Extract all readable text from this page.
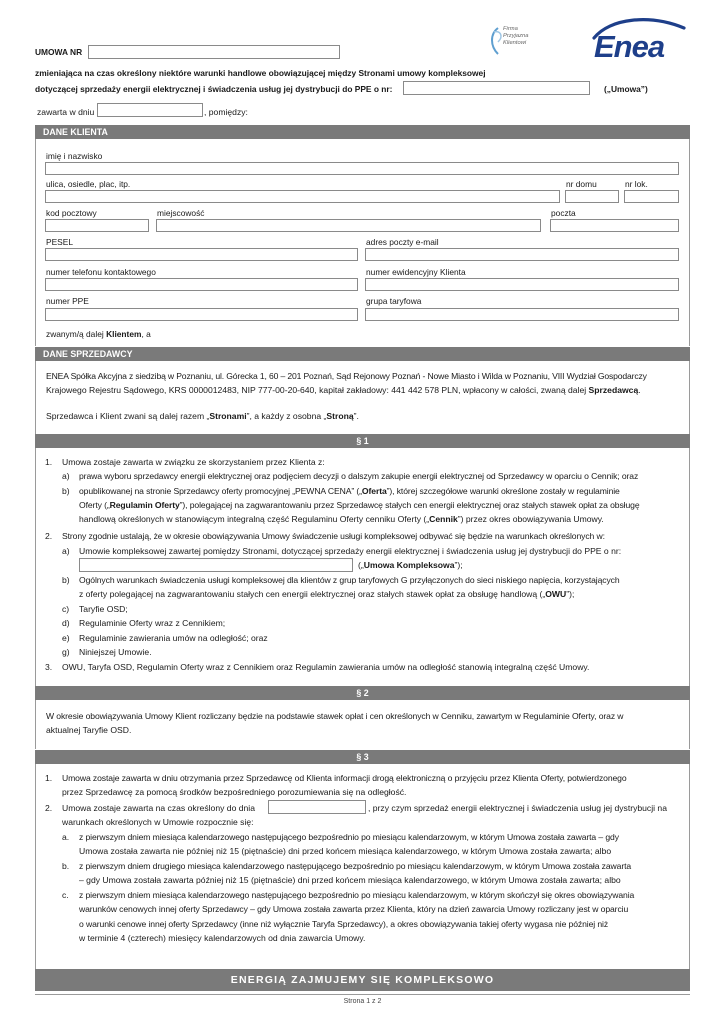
UMOWA NR
Firma
Przyjazna
Klientowi Enea
zmieniająca na czas określony niektóre warunki handlowe obowiązującej między Stronami umowy kompleksowej
dotyczącej sprzedaży energii elektrycznej i świadczenia usług jej dystrybucji do PPE o nr:	(„Umowa”)
zawarta w dniu	, pomiędzy:
DANE KLIENTA
imię i nazwisko
ulica, osiedle, plac, itp.	nr domu	nr lok.
kod pocztowy	miejscowość	poczta
PESEL	adres poczty e-mail
numer telefonu kontaktowego	numer ewidencyjny Klienta
numer PPE	grupa taryfowa
zwanym/ą dalej Klientem, a
DANE SPRZEDAWCY
ENEA Spółka Akcyjna z siedzibą w Poznaniu, ul. Górecka 1, 60 – 201 Poznań, Sąd Rejonowy Poznań - Nowe Miasto i Wilda w Poznaniu, VIII Wydział Gospodarczy
Krajowego Rejestru Sądowego, KRS 0000012483, NIP 777-00-20-640, kapitał zakładowy: 441 442 578 PLN, wpłacony w całości, zwaną dalej Sprzedawcą.
Sprzedawca i Klient zwani są dalej razem „Stronami”, a każdy z osobna „Stroną”.
§ 1
1. Umowa zostaje zawarta w związku ze skorzystaniem przez Klienta z:
a) prawa wyboru sprzedawcy energii elektrycznej oraz podjęciem decyzji o dalszym zakupie energii elektrycznej od Sprzedawcy w oparciu o Cennik; oraz
b) opublikowanej na stronie Sprzedawcy oferty promocyjnej „PEWNA CENA” („Oferta”), której szczegółowe warunki określone zostały w regulaminie
Oferty („Regulamin Oferty”), polegającej na zagwarantowaniu przez Sprzedawcę stałych cen energii elektrycznej oraz stałych stawek opłat za obsługę
handlową określonych w stanowiącym integralną część Regulaminu Oferty cenniku Oferty („Cennik”) przez okres obowiązywania Umowy.
2. Strony zgodnie ustalają, że w okresie obowiązywania Umowy świadczenie usługi kompleksowej odbywać się będzie na warunkach określonych w:
a) Umowie kompleksowej zawartej pomiędzy Stronami, dotyczącej sprzedaży energii elektrycznej i świadczenia usług jej dystrybucji do PPE o nr:
(„Umowa Kompleksowa”);
b) Ogólnych warunkach świadczenia usługi kompleksowej dla klientów z grup taryfowych G przyłączonych do sieci niskiego napięcia, korzystających
z oferty polegającej na zagwarantowaniu stałych cen energii elektrycznej oraz stałych stawek opłat za obsługę handlową („OWU”);
c) Taryfie OSD;
d) Regulaminie Oferty wraz z Cennikiem;
e) Regulaminie zawierania umów na odległość; oraz
g) Niniejszej Umowie.
3. OWU, Taryfa OSD, Regulamin Oferty wraz z Cennikiem oraz Regulamin zawierania umów na odległość stanowią integralną część Umowy.
§ 2
W okresie obowiązywania Umowy Klient rozliczany będzie na podstawie stawek opłat i cen określonych w Cenniku, zawartym w Regulaminie Oferty, oraz w
aktualnej Taryfie OSD.
§ 3
1. Umowa zostaje zawarta w dniu otrzymania przez Sprzedawcę od Klienta informacji drogą elektroniczną o przyjęciu przez Klienta Oferty, potwierdzonego
przez Sprzedawcę za pomocą środków bezpośredniego porozumiewania się na odległość.
2. Umowa zostaje zawarta na czas określony do dnia	, przy czym sprzedaż energii elektrycznej i świadczenia usług jej dystrybucji na
warunkach określonych w Umowie rozpocznie się:
a. z pierwszym dniem miesiąca kalendarzowego następującego bezpośrednio po miesiącu kalendarzowym, w którym Umowa została zawarta – gdy
Umowa została zawarta nie później niż 15 (piętnaście) dni przed końcem miesiąca kalendarzowego, w którym Umowa została zawarta; albo
b. z pierwszym dniem drugiego miesiąca kalendarzowego następującego bezpośrednio po miesiącu kalendarzowym, w którym Umowa została zawarta
– gdy Umowa została zawarta później niż 15 (piętnaście) dni przed końcem miesiąca kalendarzowego, w którym Umowa została zawarta; albo
c. z pierwszym dniem miesiąca kalendarzowego następującego bezpośrednio po miesiącu kalendarzowym, w którym skończył się okres obowiązywania
warunków cenowych innej oferty Sprzedawcy – gdy Umowa została zawarta przez Klienta, który na dzień zawarcia Umowy rozliczany jest w oparciu
o warunki cenowe innej oferty Sprzedawcy (inne niż wyłącznie Taryfa Sprzedawcy), a okres obowiązywania takiej oferty wygasa nie później niż
w terminie 4 (czterech) miesięcy kalendarzowych od dnia zawarcia Umowy.
ENERGIĄ ZAJMUJEMY SIĘ KOMPLEKSOWO
Strona 1 z 2
